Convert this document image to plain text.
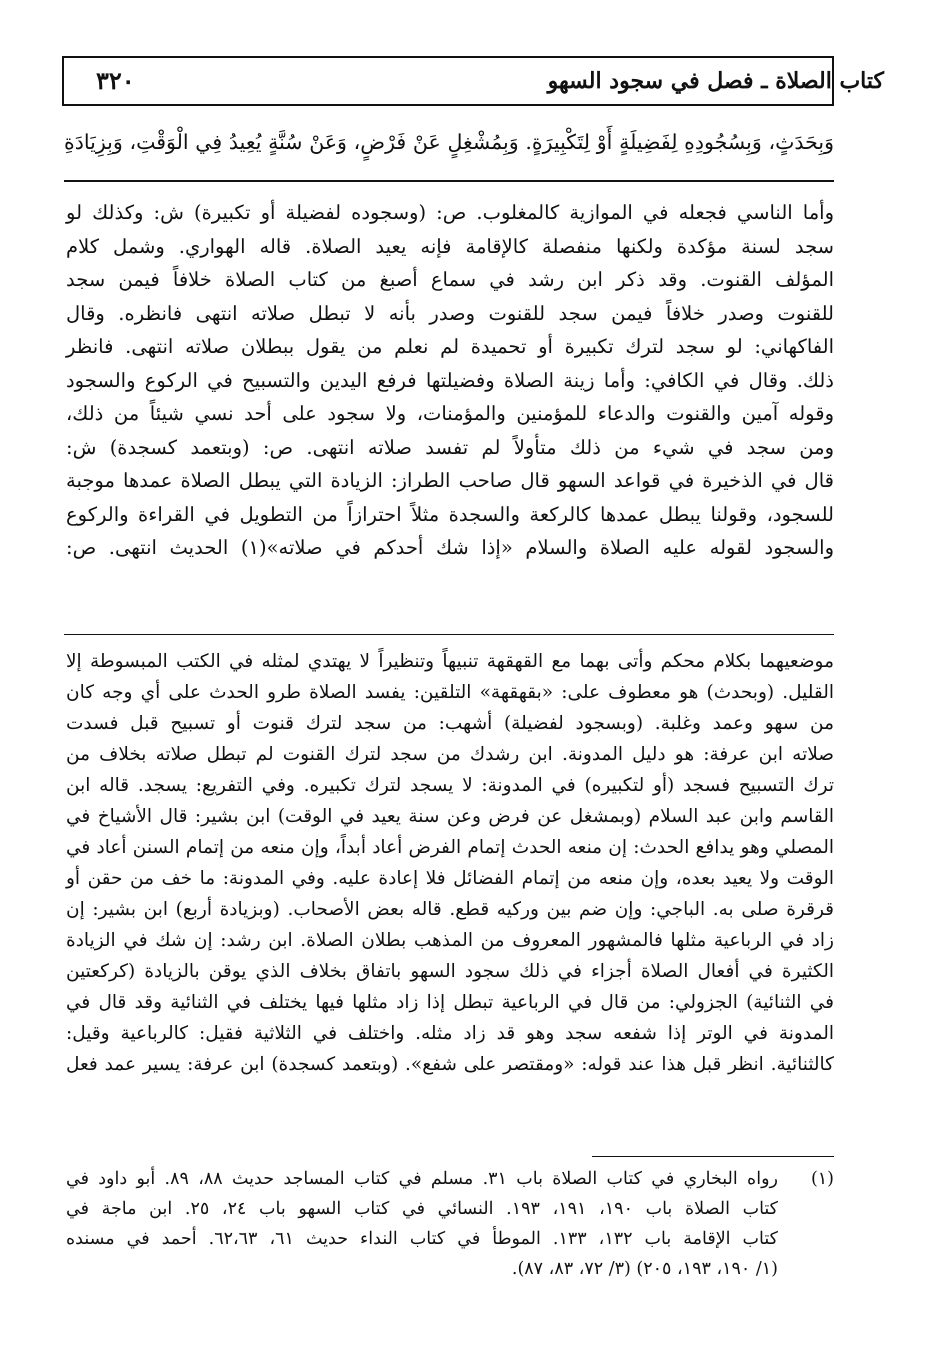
كتاب الصلاة ـ فصل في سجود السهو
٣٢٠
وَبِحَدَثٍ، وَبِسُجُودِهِ لِفَضِيلَةٍ أَوْ لِتَكْبِيرَةٍ. وَبِمُشْغِلٍ عَنْ فَرْضٍ، وَعَنْ سُنَّةٍ يُعِيدُ فِي الْوَقْتِ، وَبِزِيَادَةِ
وأما الناسي فجعله في الموازية كالمغلوب. ص: (وسجوده لفضيلة أو تكبيرة) ش: وكذلك لو
سجد لسنة مؤكدة ولكنها منفصلة كالإقامة فإنه يعيد الصلاة. قاله الهواري. وشمل كلام
المؤلف القنوت. وقد ذكر ابن رشد في سماع أصبغ من كتاب الصلاة خلافاً فيمن سجد
للقنوت وصدر خلافاً فيمن سجد للقنوت وصدر بأنه لا تبطل صلاته انتهى فانظره. وقال
الفاكهاني: لو سجد لترك تكبيرة أو تحميدة لم نعلم من يقول ببطلان صلاته انتهى. فانظر
ذلك. وقال في الكافي: وأما زينة الصلاة وفضيلتها فرفع اليدين والتسبيح في الركوع والسجود
وقوله آمين والقنوت والدعاء للمؤمنين والمؤمنات، ولا سجود على أحد نسي شيئاً من ذلك،
ومن سجد في شيء من ذلك متأولاً لم تفسد صلاته انتهى. ص: (وبتعمد كسجدة) ش:
قال في الذخيرة في قواعد السهو قال صاحب الطراز: الزيادة التي يبطل الصلاة عمدها موجبة
للسجود، وقولنا يبطل عمدها كالركعة والسجدة مثلاً احترازاً من التطويل في القراءة والركوع
والسجود لقوله عليه الصلاة والسلام «إذا شك أحدكم في صلاته»(١) الحديث انتهى. ص:
موضعيهما بكلام محكم وأتى بهما مع القهقهة تنبيهاً وتنظيراً لا يهتدي لمثله في الكتب المبسوطة إلا
القليل. (وبحدث) هو معطوف على: «بقهقهة» التلقين: يفسد الصلاة طرو الحدث على أي وجه كان
من سهو وعمد وغلبة. (وبسجود لفضيلة) أشهب: من سجد لترك قنوت أو تسبيح قبل فسدت
صلاته ابن عرفة: هو دليل المدونة. ابن رشدك من سجد لترك القنوت لم تبطل صلاته بخلاف من
ترك التسبيح فسجد (أو لتكبيره) في المدونة: لا يسجد لترك تكبيره. وفي التفريع: يسجد. قاله ابن
القاسم وابن عبد السلام (وبمشغل عن فرض وعن سنة يعيد في الوقت) ابن بشير: قال الأشياخ في
المصلي وهو يدافع الحدث: إن منعه الحدث إتمام الفرض أعاد أبداً، وإن منعه من إتمام السنن أعاد في
الوقت ولا يعيد بعده، وإن منعه من إتمام الفضائل فلا إعادة عليه. وفي المدونة: ما خف من حقن أو
قرقرة صلى به. الباجي: وإن ضم بين وركيه قطع. قاله بعض الأصحاب. (وبزيادة أربع) ابن بشير: إن
زاد في الرباعية مثلها فالمشهور المعروف من المذهب بطلان الصلاة. ابن رشد: إن شك في الزيادة
الكثيرة في أفعال الصلاة أجزاء في ذلك سجود السهو باتفاق بخلاف الذي يوقن بالزيادة (كركعتين
في الثنائية) الجزولي: من قال في الرباعية تبطل إذا زاد مثلها فيها يختلف في الثنائية وقد قال في
المدونة في الوتر إذا شفعه سجد وهو قد زاد مثله. واختلف في الثلاثية فقيل: كالرباعية وقيل:
كالثنائية. انظر قبل هذا عند قوله: «ومقتصر على شفع». (وبتعمد كسجدة) ابن عرفة: يسير عمد فعل
(١)
رواه البخاري في كتاب الصلاة باب ٣١. مسلم في كتاب المساجد حديث ٨٨، ٨٩. أبو داود في
كتاب الصلاة باب ١٩٠، ١٩١، ١٩٣. النسائي في كتاب السهو باب ٢٤، ٢٥. ابن ماجة في
كتاب الإقامة باب ١٣٢، ١٣٣. الموطأ في كتاب النداء حديث ٦١، ٦٢،٦٣. أحمد في مسنده
(١/ ١٩٠، ١٩٣، ٢٠٥) (٣/ ٧٢، ٨٣، ٨٧).
